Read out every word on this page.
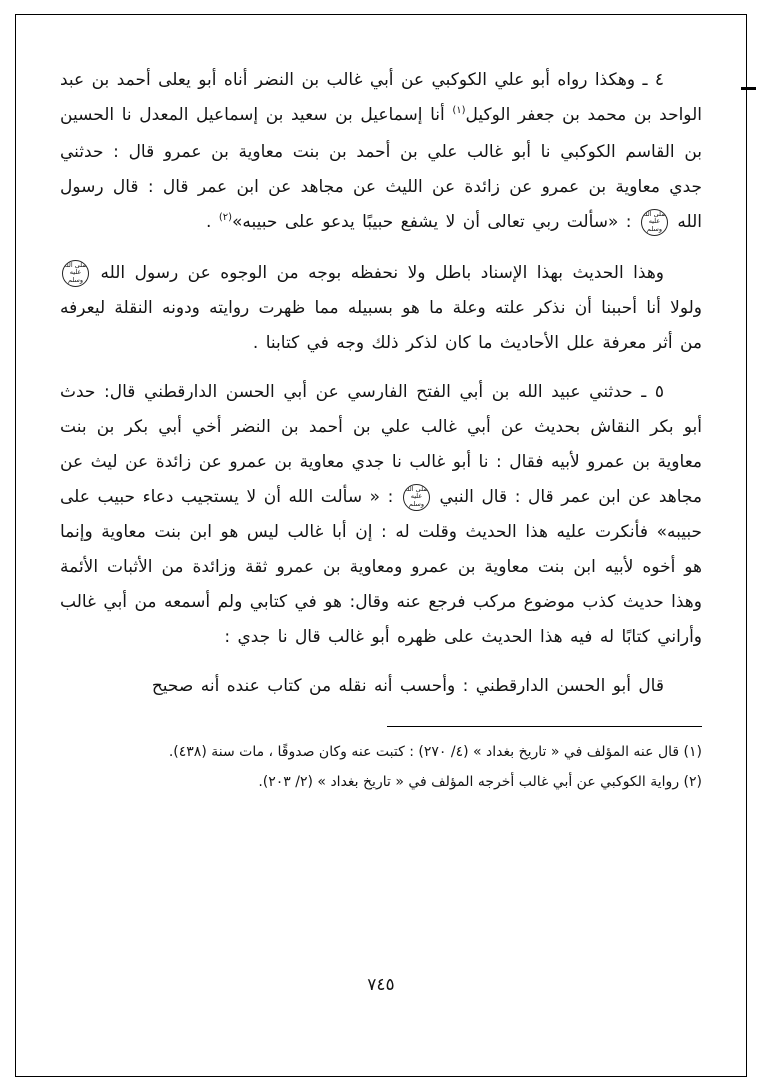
٤ ـ وهكذا رواه أبو علي الكوكبي عن أبي غالب بن النضر أناه أبو يعلى أحمد بن عبد الواحد بن محمد بن جعفر الوكيل$^{(١)}$ أنا إسماعيل بن سعيد بن إسماعيل المعدل نا الحسين بن القاسم الكوكبي نا أبو غالب علي بن أحمد بن بنت معاوية بن عمرو قال : حدثني جدي معاوية بن عمرو عن زائدة عن الليث عن مجاهد عن ابن عمر قال : قال رسول الله صلى الله عليه وسلم : «سألت ربي تعالى أن لا يشفع حبيبًا يدعو على حبيبه»$^{(٢)}$ .

وهذا الحديث بهذا الإسناد باطل ولا نحفظه بوجه من الوجوه عن رسول الله صلى الله عليه وسلم ولولا أنا أحببنا أن نذكر علته وعلة ما هو بسبيله مما ظهرت روايته ودونه النقلة ليعرفه من أثر معرفة علل الأحاديث ما كان لذكر ذلك وجه في كتابنا .

٥ ـ حدثني عبيد الله بن أبي الفتح الفارسي عن أبي الحسن الدارقطني قال: حدث أبو بكر النقاش بحديث عن أبي غالب علي بن أحمد بن النضر أخي أبي بكر بن بنت معاوية بن عمرو لأبيه فقال : نا أبو غالب نا جدي معاوية بن عمرو عن زائدة عن ليث عن مجاهد عن ابن عمر قال : قال النبي صلى الله عليه وسلم : « سألت الله أن لا يستجيب دعاء حبيب على حبيبه» فأنكرت عليه هذا الحديث وقلت له : إن أبا غالب ليس هو ابن بنت معاوية وإنما هو أخوه لأبيه ابن بنت معاوية بن عمرو ومعاوية بن عمرو ثقة وزائدة من الأثبات الأئمة وهذا حديث كذب موضوع مركب فرجع عنه وقال: هو في كتابي ولم أسمعه من أبي غالب وأراني كتابًا له فيه هذا الحديث على ظهره أبو غالب قال نا جدي :

قال أبو الحسن الدارقطني : وأحسب أنه نقله من كتاب عنده أنه صحيح

(١) قال عنه المؤلف في « تاريخ بغداد » (٤/ ٢٧٠) : كتبت عنه وكان صدوقًا ، مات سنة (٤٣٨).

(٢) رواية الكوكبي عن أبي غالب أخرجه المؤلف في « تاريخ بغداد » (٢/ ٢٠٣).

٧٤٥
